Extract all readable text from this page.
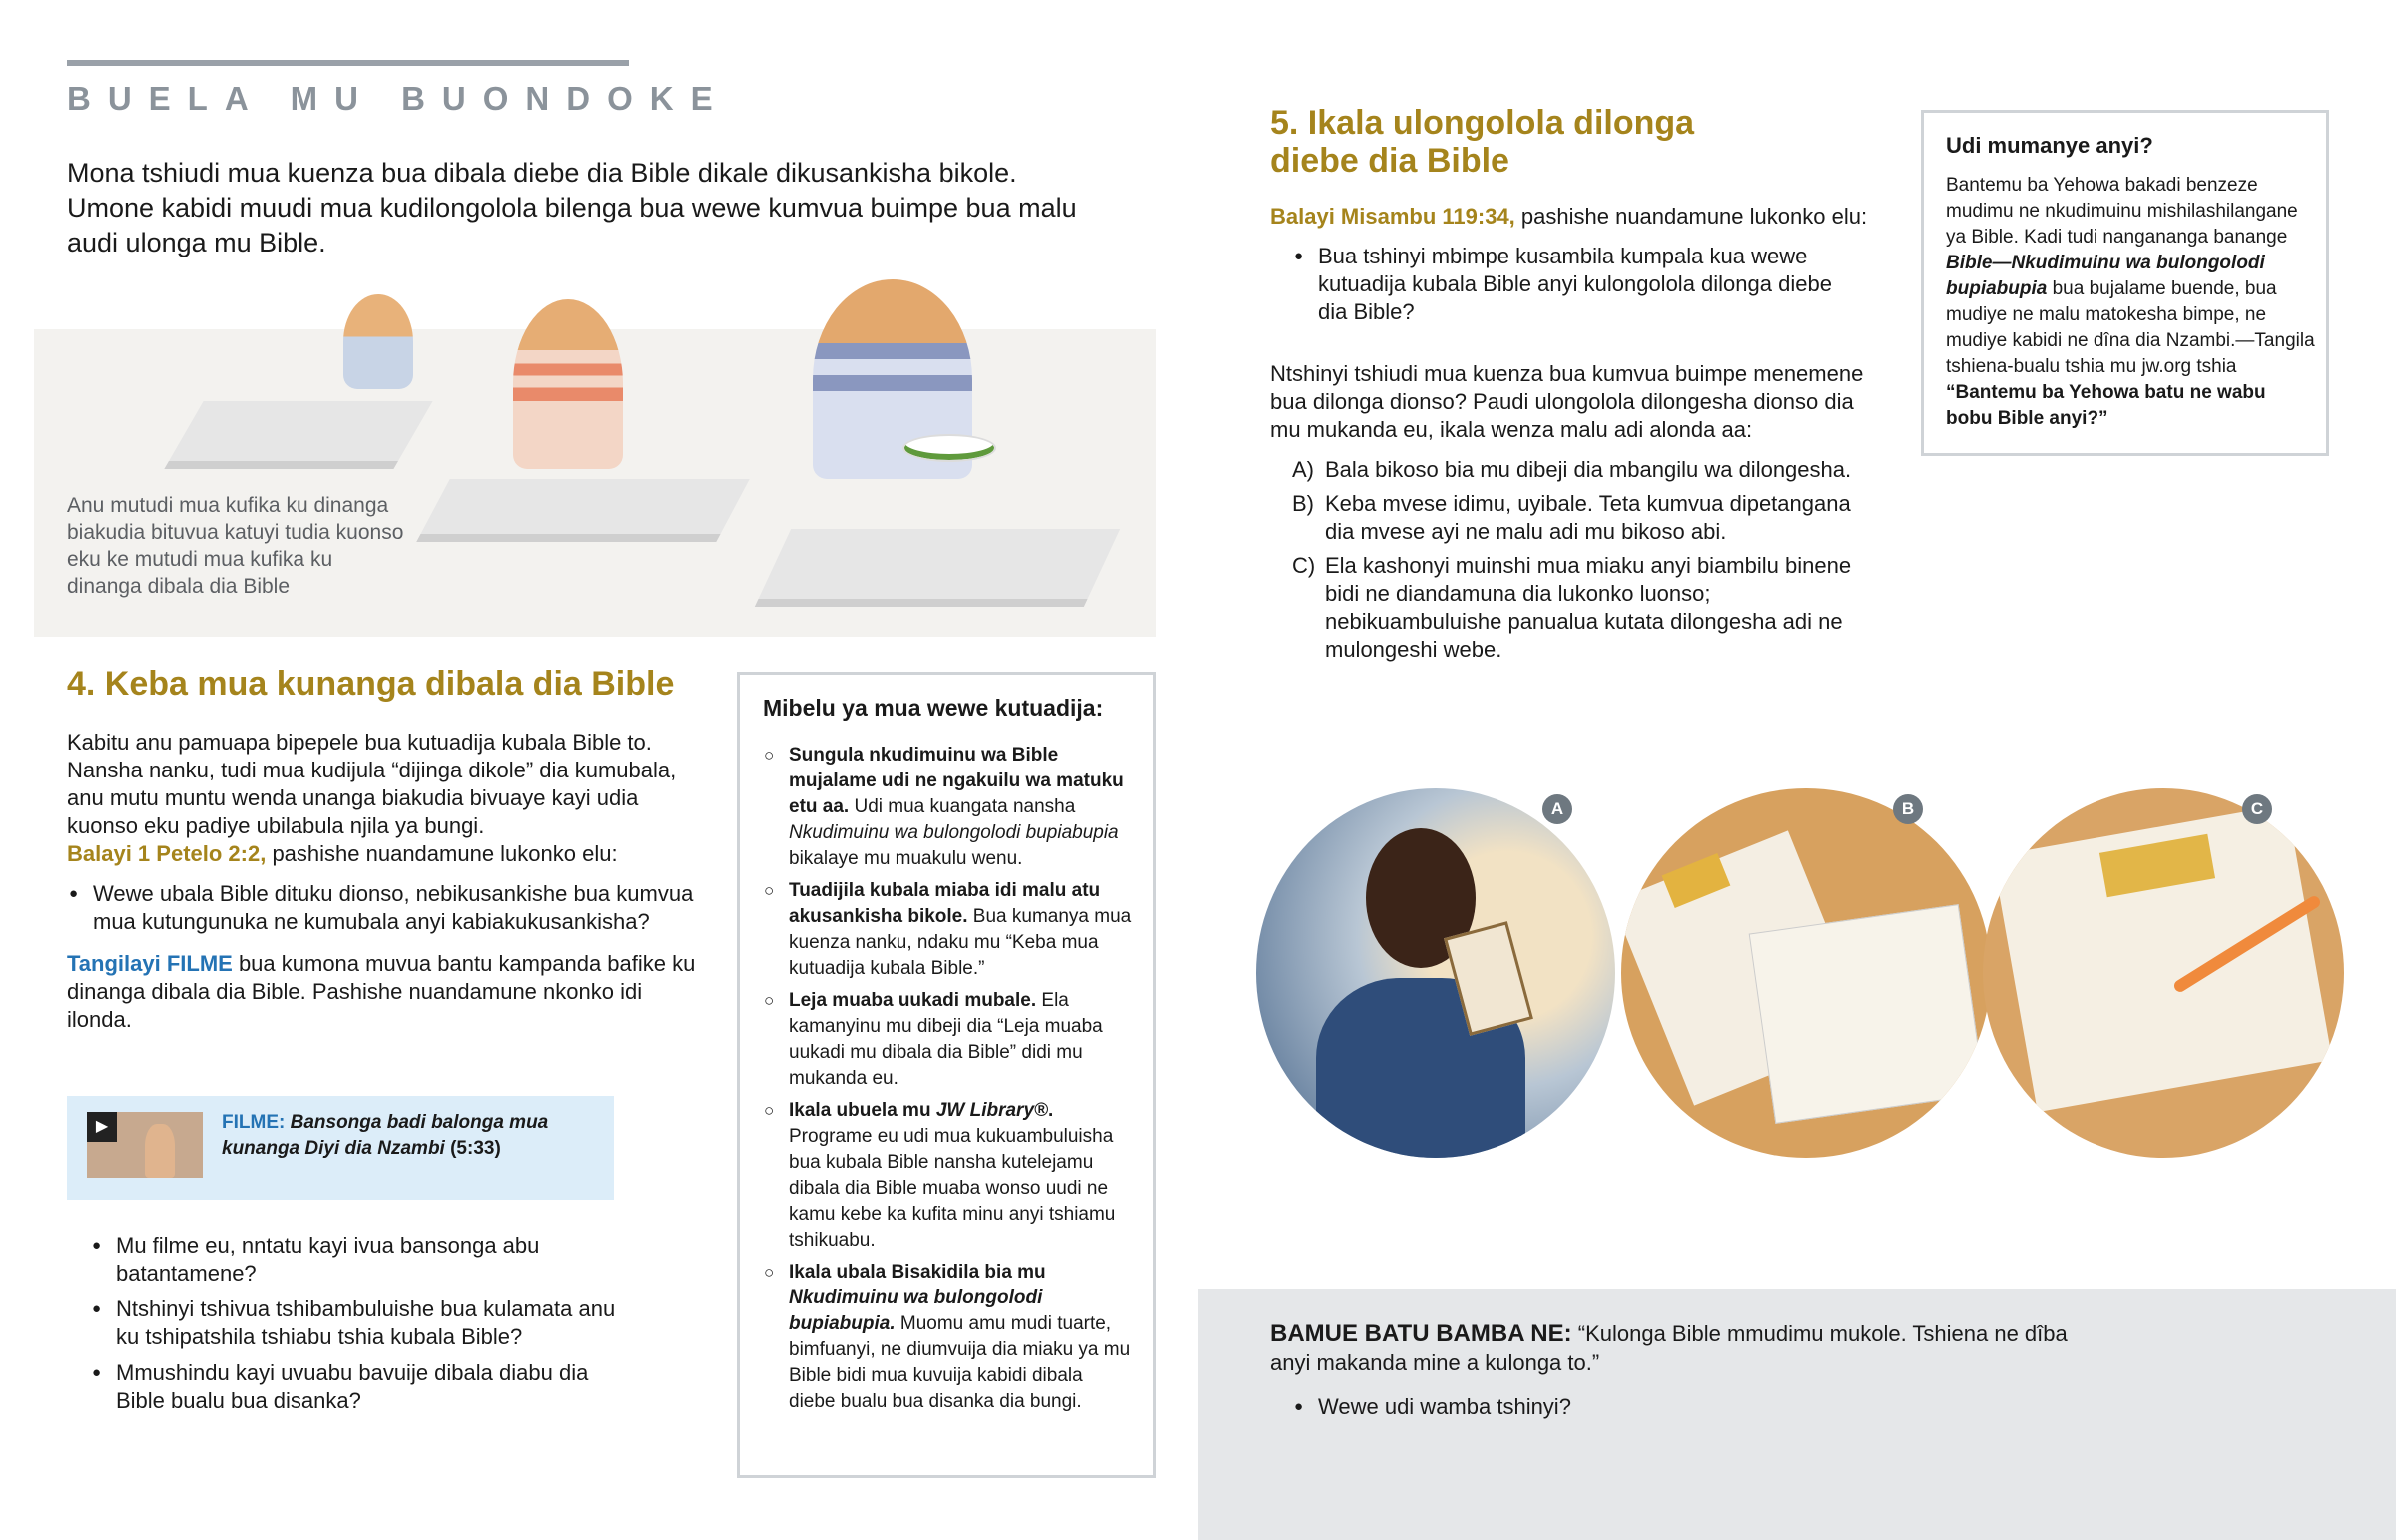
BUELA MU BUONDOKE

Mona tshiudi mua kuenza bua dibala diebe dia Bible dikale dikusankisha bikole. Umone kabidi muudi mua kudilongolola bilenga bua wewe kumvua buimpe bua malu audi ulonga mu Bible.

Anu mutudi mua kufika ku dinanga biakudia bituvua katuyi tudia kuonso eku ke mutudi mua kufika ku dinanga dibala dia Bible

4. Keba mua kunanga dibala dia Bible

Kabitu anu pamuapa bipepele bua kutuadija kubala Bible to. Nansha nanku, tudi mua kudijula “dijinga dikole” dia kumubala, anu mutu muntu wenda unanga biakudia bivuaye kayi udia kuonso eku padiye ubilabula njila ya bungi.

Balayi 1 Petelo 2:2, pashishe nuandamune lukonko elu:

● Wewe ubala Bible dituku dionso, nebikusankishe bua kumvua mua kutungunuka ne kumubala anyi kabiakukusankisha?

Tangilayi FILME bua kumona muvua bantu kampanda bafike ku dinanga dibala dia Bible. Pashishe nuandamune nkonko idi ilonda.

▶	FILME: Bansonga badi balonga mua kunanga Diyi dia Nzambi (5:33)

● Mu filme eu, nntatu kayi ivua bansonga abu batantamene?
● Ntshinyi tshivua tshibambuluishe bua kulamata anu ku tshipatshila tshiabu tshia kubala Bible?
● Mmushindu kayi uvuabu bavuije dibala diabu dia Bible bualu bua disanka?
Mibelu ya mua wewe kutuadija:
○ Sungula nkudimuinu wa Bible mujalame udi ne ngakuilu wa matuku etu aa. Udi mua kuangata nansha Nkudimuinu wa bulongolodi bupiabupia bikalaye mu muakulu wenu.
○ Tuadijila kubala miaba idi malu atu akusankisha bikole. Bua kumanya mua kuenza nanku, ndaku mu “Keba mua kutuadija kubala Bible.”
○ Leja muaba uukadi mubale. Ela kamanyinu mu dibeji dia “Leja muaba uukadi mu dibala dia Bible” didi mu mukanda eu.
○ Ikala ubuela mu JW Library®. Programe eu udi mua kukuambuluisha bua kubala Bible nansha kutelejamu dibala dia Bible muaba wonso uudi ne kamu kebe ka kufita minu anyi tshiamu tshikuabu.
○ Ikala ubala Bisakidila bia mu Nkudimuinu wa bulongolodi bupiabupia. Muomu amu mudi tuarte, bimfuanyi, ne diumvuija dia miaku ya mu Bible bidi mua kuvuija kabidi dibala diebe bualu bua disanka dia bungi.
5. Ikala ulongolola dilonga
diebe dia Bible

Balayi Misambu 119:34, pashishe nuandamune lukonko elu:

● Bua tshinyi mbimpe kusambila kumpala kua wewe kutuadija kubala Bible anyi kulongolola dilonga diebe dia Bible?

Ntshinyi tshiudi mua kuenza bua kumvua buimpe menemene bua dilonga dionso? Paudi ulongolola dilongesha dionso dia mu mukanda eu, ikala wenza malu adi alonda aa:

A) Bala bikoso bia mu dibeji dia mbangilu wa dilongesha.
B) Keba mvese idimu, uyibale. Teta kumvua dipetangana dia mvese ayi ne malu adi mu bikoso abi.
C) Ela kashonyi muinshi mua miaku anyi biambilu binene bidi ne diandamuna dia lukonko luonso; nebikuambuluishe panualua kutata dilongesha adi ne mulongeshi webe.
Udi mumanye anyi?

Bantemu ba Yehowa bakadi benzeze mudimu ne nkudimuinu mishilashilangane ya Bible. Kadi tudi nangananga banange Bible—Nkudimuinu wa bulongolodi bupiabupia bua bujalame buende, bua mudiye ne malu matokesha bimpe, ne mudiye kabidi ne dîna dia Nzambi.—Tangila tshiena-bualu tshia mu jw.org tshia “Bantemu ba Yehowa batu ne wabu bobu Bible anyi?”

A	B	C

BAMUE BATU BAMBA NE: “Kulonga Bible mmudimu mukole. Tshiena ne dîba anyi makanda mine a kulonga to.”

● Wewe udi wamba tshinyi?
